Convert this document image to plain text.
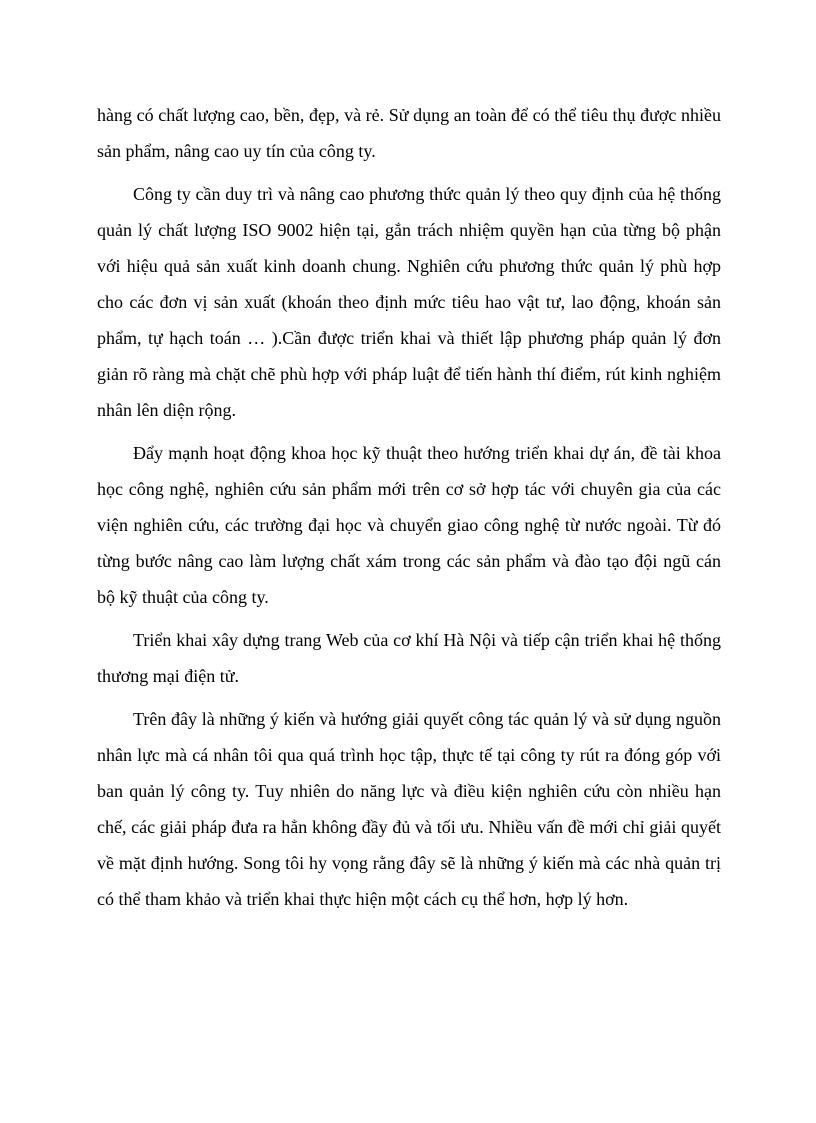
hàng có chất lượng cao, bền, đẹp, và rẻ. Sử dụng an toàn để có thể tiêu thụ được nhiều sản phẩm, nâng cao uy tín của công ty.

Công ty cần duy trì và nâng cao phương thức quản lý theo quy định của hệ thống quản lý chất lượng ISO 9002 hiện tại, gắn trách nhiệm quyền hạn của từng bộ phận với hiệu quả sản xuất kinh doanh chung. Nghiên cứu phương thức quản lý phù hợp cho các đơn vị sản xuất (khoán theo định mức tiêu hao vật tư, lao động, khoán sản phẩm, tự hạch toán … ).Cần được triển khai và thiết lập phương pháp quản lý đơn giản rõ ràng mà chặt chẽ phù hợp với pháp luật để tiến hành thí điểm, rút kinh nghiệm nhân lên diện rộng.

Đẩy mạnh hoạt động khoa học kỹ thuật theo hướng triển khai dự án, đề tài khoa học công nghệ, nghiên cứu sản phẩm mới trên cơ sở hợp tác với chuyên gia của các viện nghiên cứu, các trường đại học và chuyển giao công nghệ từ nước ngoài. Từ đó từng bước nâng cao làm lượng chất xám trong các sản phẩm và đào tạo đội ngũ cán bộ kỹ thuật của công ty.

Triển khai xây dựng trang Web của cơ khí Hà Nội và tiếp cận triển khai hệ thống thương mại điện tử.

Trên đây là những ý kiến và hướng giải quyết công tác quản lý và sử dụng nguồn nhân lực mà cá nhân tôi qua quá trình học tập, thực tế tại công ty rút ra đóng góp với ban quản lý công ty. Tuy nhiên do năng lực và điều kiện nghiên cứu còn nhiều hạn chế, các giải pháp đưa ra hẳn không đầy đủ và tối ưu. Nhiều vấn đề mới chỉ giải quyết về mặt định hướng. Song tôi hy vọng rằng đây sẽ là những ý kiến mà các nhà quản trị có thể tham khảo và triển khai thực hiện một cách cụ thể hơn, hợp lý hơn.
